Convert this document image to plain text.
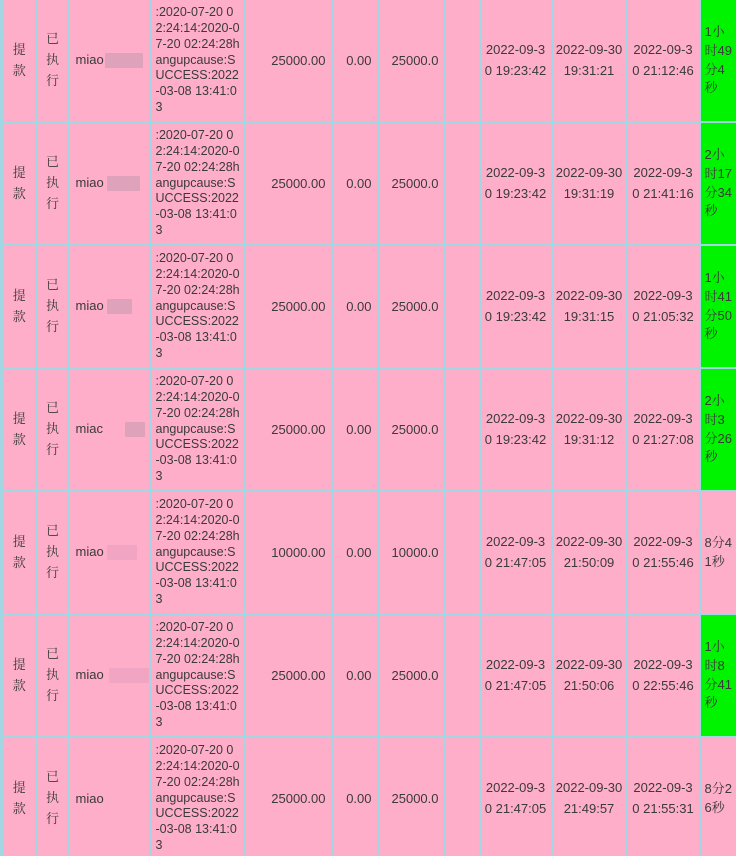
提款	已执行	miao	:2020-07-20 02:24:14:2020-07-20 02:24:28hangupcause:SUCCESS:2022-03-08 13:41:03	25000.00	0.00	25000.0		2022-09-30 19:23:42	2022-09-30 19:31:21	2022-09-30 21:12:46	1小时49分4秒
提款	已执行	miao	:2020-07-20 02:24:14:2020-07-20 02:24:28hangupcause:SUCCESS:2022-03-08 13:41:03	25000.00	0.00	25000.0		2022-09-30 19:23:42	2022-09-30 19:31:19	2022-09-30 21:41:16	2小时17分34秒
提款	已执行	miao	:2020-07-20 02:24:14:2020-07-20 02:24:28hangupcause:SUCCESS:2022-03-08 13:41:03	25000.00	0.00	25000.0		2022-09-30 19:23:42	2022-09-30 19:31:15	2022-09-30 21:05:32	1小时41分50秒
提款	已执行	miac	:2020-07-20 02:24:14:2020-07-20 02:24:28hangupcause:SUCCESS:2022-03-08 13:41:03	25000.00	0.00	25000.0		2022-09-30 19:23:42	2022-09-30 19:31:12	2022-09-30 21:27:08	2小时3分26秒
提款	已执行	miao	:2020-07-20 02:24:14:2020-07-20 02:24:28hangupcause:SUCCESS:2022-03-08 13:41:03	10000.00	0.00	10000.0		2022-09-30 21:47:05	2022-09-30 21:50:09	2022-09-30 21:55:46	8分41秒
提款	已执行	miao	:2020-07-20 02:24:14:2020-07-20 02:24:28hangupcause:SUCCESS:2022-03-08 13:41:03	25000.00	0.00	25000.0		2022-09-30 21:47:05	2022-09-30 21:50:06	2022-09-30 22:55:46	1小时8分41秒
提款	已执行	miao	:2020-07-20 02:24:14:2020-07-20 02:24:28hangupcause:SUCCESS:2022-03-08 13:41:03	25000.00	0.00	25000.0		2022-09-30 21:47:05	2022-09-30 21:49:57	2022-09-30 21:55:31	8分26秒
